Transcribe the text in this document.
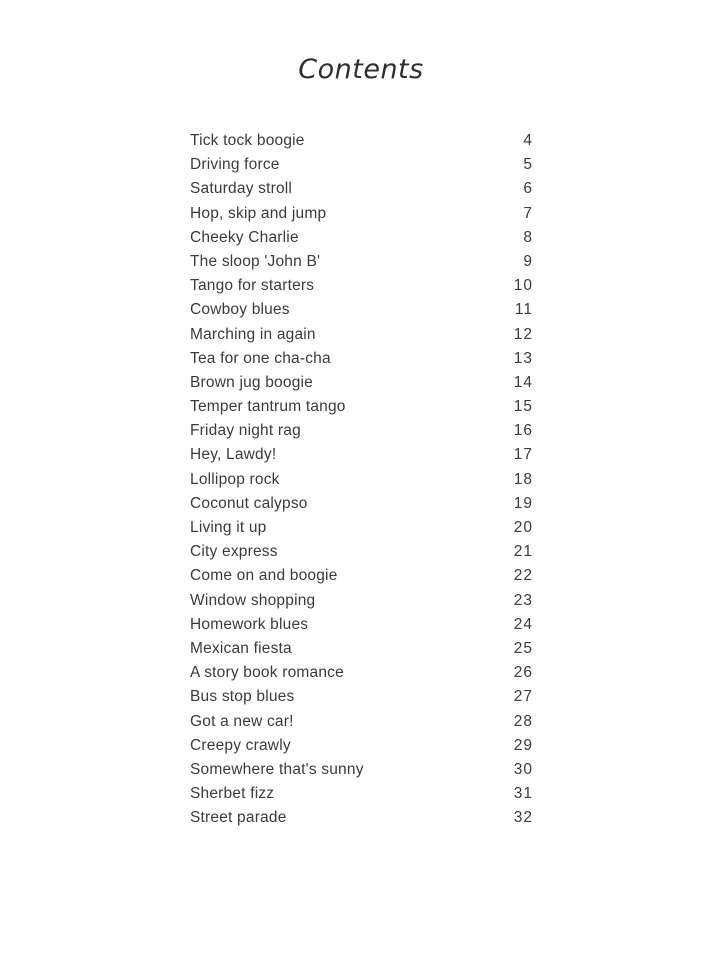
Contents
Tick tock boogie	4
Driving force	5
Saturday stroll	6
Hop, skip and jump	7
Cheeky Charlie	8
The sloop 'John B'	9
Tango for starters	10
Cowboy blues	11
Marching in again	12
Tea for one cha-cha	13
Brown jug boogie	14
Temper tantrum tango	15
Friday night rag	16
Hey, Lawdy!	17
Lollipop rock	18
Coconut calypso	19
Living it up	20
City express	21
Come on and boogie	22
Window shopping	23
Homework blues	24
Mexican fiesta	25
A story book romance	26
Bus stop blues	27
Got a new car!	28
Creepy crawly	29
Somewhere that's sunny	30
Sherbet fizz	31
Street parade	32
